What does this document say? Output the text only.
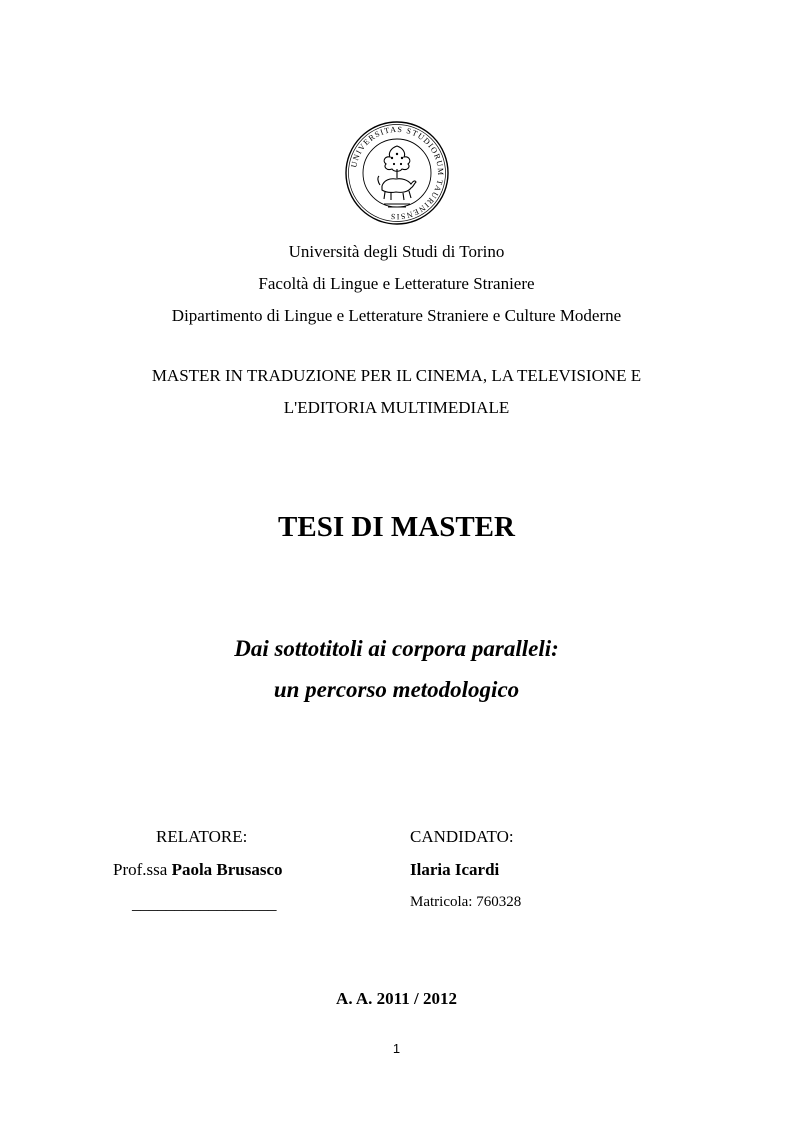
UNIVERSITAS STUDIORUM TAURINENSIS
Università degli Studi di Torino
Facoltà di Lingue e Letterature Straniere
Dipartimento di Lingue e Letterature Straniere e Culture Moderne
MASTER IN TRADUZIONE PER IL CINEMA, LA TELEVISIONE E
L'EDITORIA MULTIMEDIALE
TESI DI MASTER
Dai sottotitoli ai corpora paralleli:
un percorso metodologico
RELATORE:
Prof.ssa Paola Brusasco
_________________
CANDIDATO:
Ilaria Icardi
Matricola: 760328
A. A. 2011 / 2012
1
